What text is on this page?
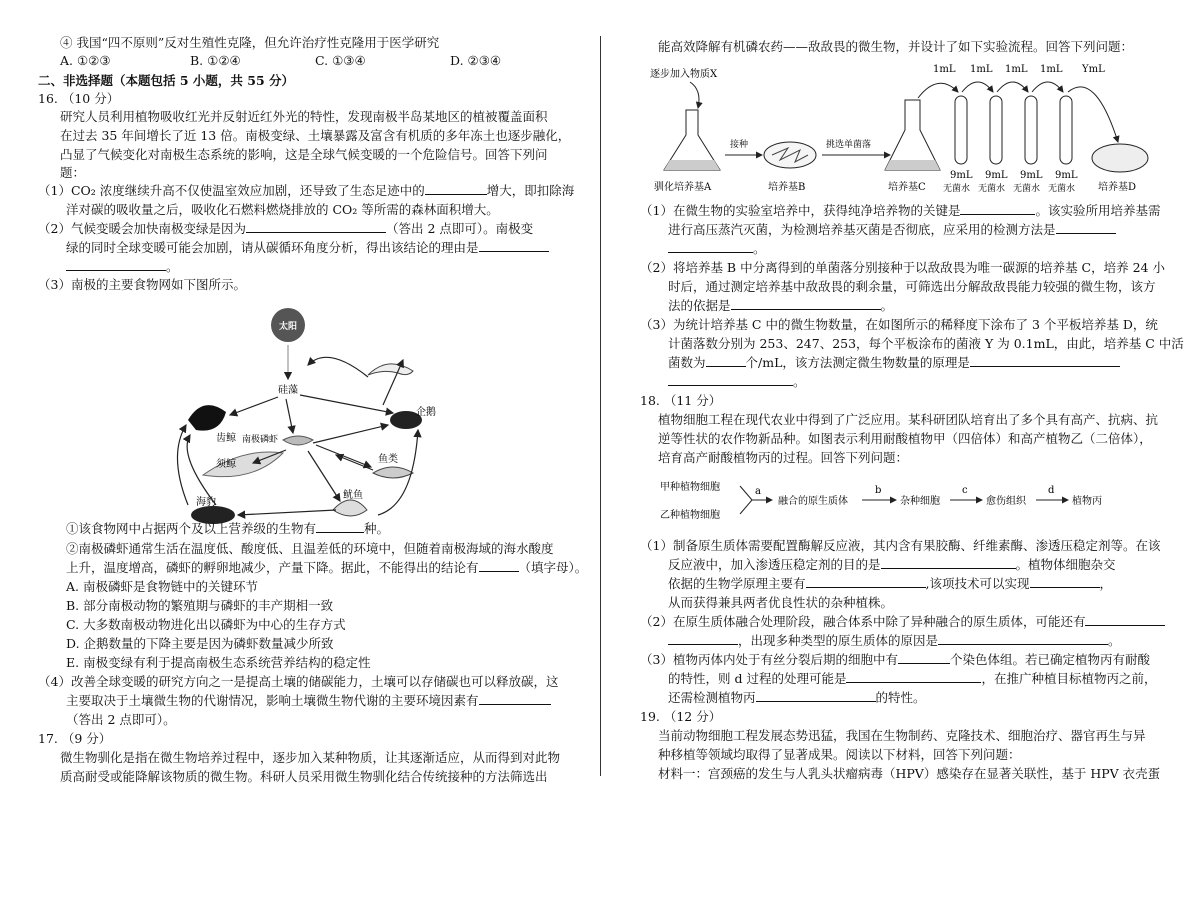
④ 我国“四不原则”反对生殖性克隆，但允许治疗性克隆用于医学研究
A. ①②③	B. ①②④	C. ①③④	D. ②③④
二、非选择题（本题包括 5 小题，共 55 分）
16. （10 分）
研究人员利用植物吸收红光并反射近红外光的特性，发现南极半岛某地区的植被覆盖面积
在过去 35 年间增长了近 13 倍。南极变绿、土壤暴露及富含有机质的多年冻土也逐步融化，
凸显了气候变化对南极生态系统的影响，这是全球气候变暖的一个危险信号。回答下列问
题：
（1）CO₂ 浓度继续升高不仅使温室效应加剧，还导致了生态足迹中的	增大，即扣除海
洋对碳的吸收量之后，吸收化石燃料燃烧排放的 CO₂ 等所需的森林面积增大。
（2）气候变暖会加快南极变绿是因为	（答出 2 点即可）。南极变
绿的同时全球变暖可能会加剧，请从碳循环角度分析，得出该结论的理由是
。
（3）南极的主要食物网如下图所示。
太阳
硅藻
南极磷虾
齿鲸
须鲸
海豹
企鹅
鱼类
鱿鱼
①该食物网中占据两个及以上营养级的生物有	种。
②南极磷虾通常生活在温度低、酸度低、且温差低的环境中，但随着南极海域的海水酸度
上升，温度增高，磷虾的孵卵地减少，产量下降。据此，不能得出的结论有	（填字母）。
A. 南极磷虾是食物链中的关键环节
B. 部分南极动物的繁殖期与磷虾的丰产期相一致
C. 大多数南极动物进化出以磷虾为中心的生存方式
D. 企鹅数量的下降主要是因为磷虾数量减少所致
E. 南极变绿有利于提高南极生态系统营养结构的稳定性
（4）改善全球变暖的研究方向之一是提高土壤的储碳能力，土壤可以存储碳也可以释放碳，这
主要取决于土壤微生物的代谢情况，影响土壤微生物代谢的主要环境因素有
（答出 2 点即可）。
17. （9 分）
微生物驯化是指在微生物培养过程中，逐步加入某种物质，让其逐渐适应，从而得到对此物
质高耐受或能降解该物质的微生物。科研人员采用微生物驯化结合传统接种的方法筛选出
能高效降解有机磷农药——敌敌畏的微生物，并设计了如下实验流程。回答下列问题：
逐步加入物质X
驯化培养基A
接种
培养基B
挑选单菌落
培养基C
1mL 1mL 1mL 1mL YmL
9mL 9mL 9mL 9mL
无菌水 无菌水 无菌水 无菌水 培养基D
（1）在微生物的实验室培养中，获得纯净培养物的关键是	。该实验所用培养基需
进行高压蒸汽灭菌，为检测培养基灭菌是否彻底，应采用的检测方法是
。
（2）将培养基 B 中分离得到的单菌落分别接种于以敌敌畏为唯一碳源的培养基 C，培养 24 小
时后，通过测定培养基中敌敌畏的剩余量，可筛选出分解敌敌畏能力较强的微生物，该方
法的依据是	。
（3）为统计培养基 C 中的微生物数量，在如图所示的稀释度下涂布了 3 个平板培养基 D，统
计菌落数分别为 253、247、253，每个平板涂布的菌液 Y 为 0.1mL，由此，培养基 C 中活
菌数为	个/mL，该方法测定微生物数量的原理是
。
18. （11 分）
植物细胞工程在现代农业中得到了广泛应用。某科研团队培育出了多个具有高产、抗病、抗
逆等性状的农作物新品种。如图表示利用耐酸植物甲（四倍体）和高产植物乙（二倍体），
培育高产耐酸植物丙的过程。回答下列问题：
甲种植物细胞
乙种植物细胞
a
融合的原生质体
b
杂种细胞
c
愈伤组织
d
植物丙
（1）制备原生质体需要配置酶解反应液，其内含有果胶酶、纤维素酶、渗透压稳定剂等。在该
反应液中，加入渗透压稳定剂的目的是	。植物体细胞杂交
依据的生物学原理主要有	,该项技术可以实现	，
从而获得兼具两者优良性状的杂种植株。
（2）在原生质体融合处理阶段，融合体系中除了异种融合的原生质体，可能还有
，出现多种类型的原生质体的原因是	。
（3）植物丙体内处于有丝分裂后期的细胞中有	个染色体组。若已确定植物丙有耐酸
的特性，则 d 过程的处理可能是	，在推广种植目标植物丙之前，
还需检测植物丙	的特性。
19. （12 分）
当前动物细胞工程发展态势迅猛，我国在生物制药、克隆技术、细胞治疗、器官再生与异
种移植等领域均取得了显著成果。阅读以下材料，回答下列问题：
材料一：宫颈癌的发生与人乳头状瘤病毒（HPV）感染存在显著关联性，基于 HPV 衣壳蛋
